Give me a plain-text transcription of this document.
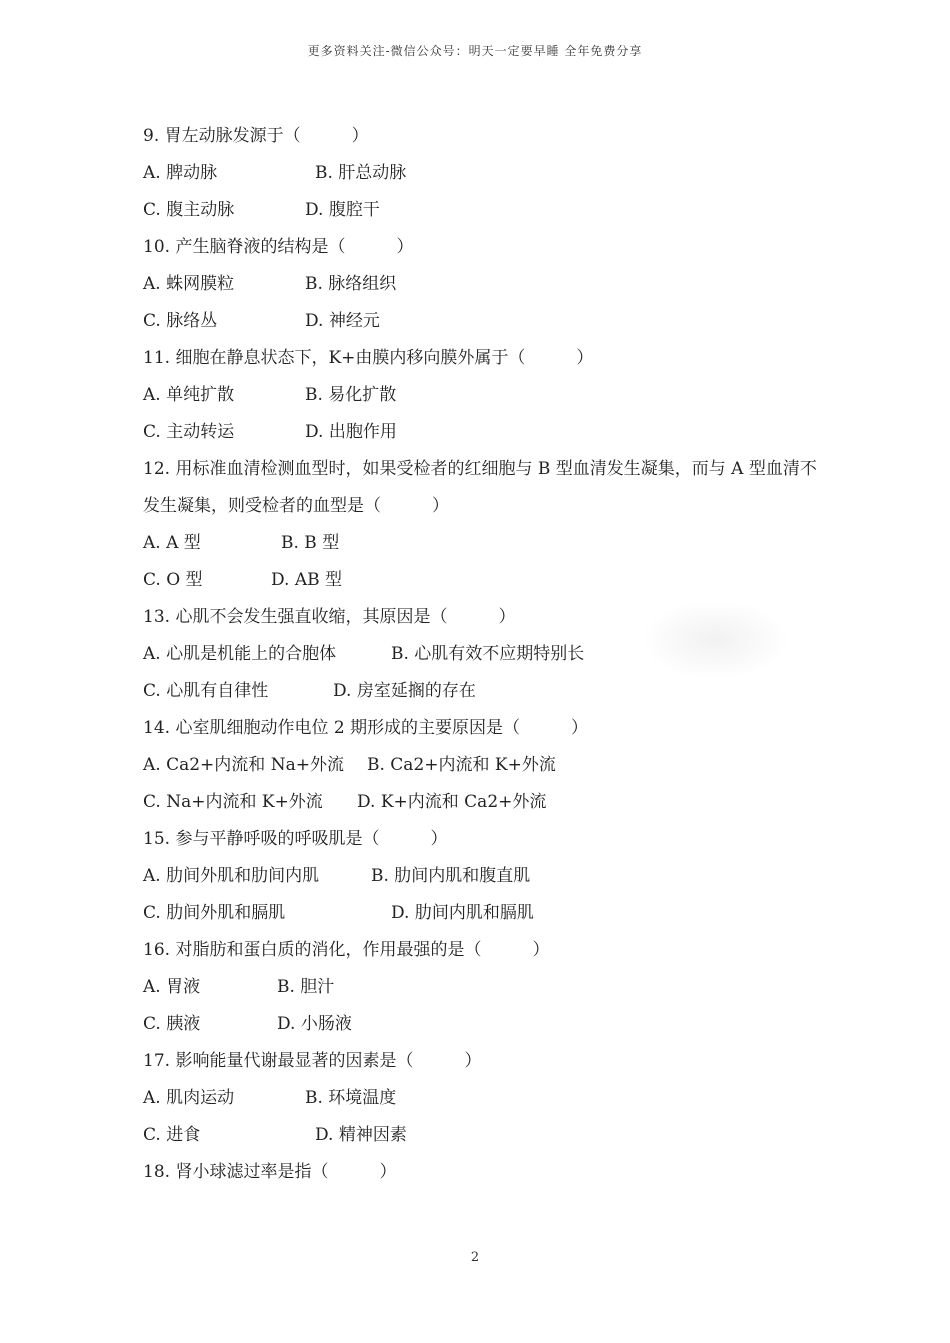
更多资料关注-微信公众号：明天一定要早睡 全年免费分享
9. 胃左动脉发源于（　　　）
A. 脾动脉	B. 肝总动脉
C. 腹主动脉	D. 腹腔干
10. 产生脑脊液的结构是（　　　）
A. 蛛网膜粒	B. 脉络组织
C. 脉络丛	D. 神经元
11. 细胞在静息状态下，K+由膜内移向膜外属于（　　　）
A. 单纯扩散	B. 易化扩散
C. 主动转运	D. 出胞作用
12. 用标准血清检测血型时，如果受检者的红细胞与 B 型血清发生凝集，而与 A 型血清不发生凝集，则受检者的血型是（　　　）
A. A 型	B. B 型
C. O 型	D. AB 型
13. 心肌不会发生强直收缩，其原因是（　　　）
A. 心肌是机能上的合胞体	B. 心肌有效不应期特别长
C. 心肌有自律性	D. 房室延搁的存在
14. 心室肌细胞动作电位 2 期形成的主要原因是（　　　）
A. Ca2+内流和 Na+外流 B. Ca2+内流和 K+外流
C. Na+内流和 K+外流 D. K+内流和 Ca2+外流
15. 参与平静呼吸的呼吸肌是（　　　）
A. 肋间外肌和肋间内肌	B. 肋间内肌和腹直肌
C. 肋间外肌和膈肌	D. 肋间内肌和膈肌
16. 对脂肪和蛋白质的消化，作用最强的是（　　　）
A. 胃液	B. 胆汁
C. 胰液	D. 小肠液
17. 影响能量代谢最显著的因素是（　　　）
A. 肌肉运动	B. 环境温度
C. 进食	D. 精神因素
18. 肾小球滤过率是指（　　　）
2
